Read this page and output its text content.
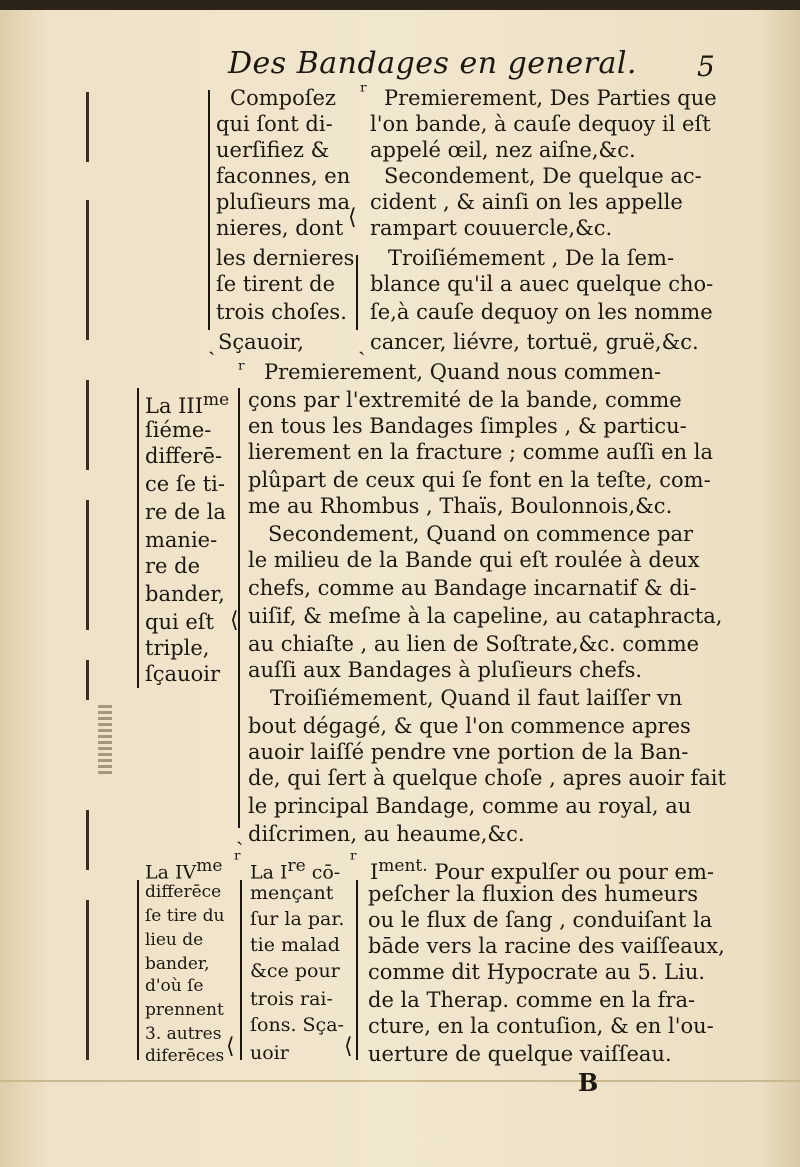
Des Bandages en general. 5
ʳ
⟨
ˎ	ˎ
Compoſez
qui ſont di-
uerſifiez &
faconnes, en
pluſieurs ma
nieres, dont
les dernieres
ſe tirent de
trois choſes.
Sçauoir,
Premierement, Des Parties que
l'on bande, à cauſe dequoy il eſt
appelé œil, nez aiſne,&c.
Secondement, De quelque ac-
cident , & ainſi on les appelle
rampart couuercle,&c.
Troiſiémement , De la ſem-
blance qu'il a auec quelque cho-
ſe,à cauſe dequoy on les nomme
cancer, liévre, tortuë, gruë,&c.
ʳ
⟨
ˎ
La $III^{me}$
ſiéme-
differē-
ce ſe ti-
re de la
manie-
re de
bander,
qui eſt
triple,
ſçauoir
Premierement, Quand nous commen-
çons par l'extremité de la bande, comme
en tous les Bandages ſimples , & particu-
lierement en la fracture ; comme auſſi en la
plûpart de ceux qui ſe font en la teſte, com-
me au Rhombus , Thaïs, Boulonnois,&c.
Secondement, Quand on commence par
le milieu de la Bande qui eſt roulée à deux
chefs, comme au Bandage incarnatif & di-
uiſif, & meſme à la capeline, au cataphracta,
au chiaſte , au lien de Soſtrate,&c. comme
auſſi aux Bandages à pluſieurs chefs.
Troiſiémement, Quand il faut laiſſer vn
bout dégagé, & que l'on commence apres
auoir laiſſé pendre vne portion de la Ban-
de, qui ſert à quelque choſe , apres auoir fait
le principal Bandage, comme au royal, au
diſcrimen, au heaume,&c.
ʳ	ʳ
⟨	⟨
La $IV^{me}$
differēce
ſe tire du
lieu de
bander,
d'où ſe
prennent
3. autres
diferēces
La Ire cō-
mençant
ſur la par.
tie malad
&ce pour
trois rai-
ſons. Sça-
uoir
$I^{ment.}$ Pour expulſer ou pour em-
peſcher la fluxion des humeurs
ou le flux de ſang , conduiſant la
bāde vers la racine des vaiſſeaux,
comme dit Hypocrate au 5. Liu.
de la Therap. comme en la fra-
cture, en la contuſion, & en l'ou-
uerture de quelque vaiſſeau.
B
